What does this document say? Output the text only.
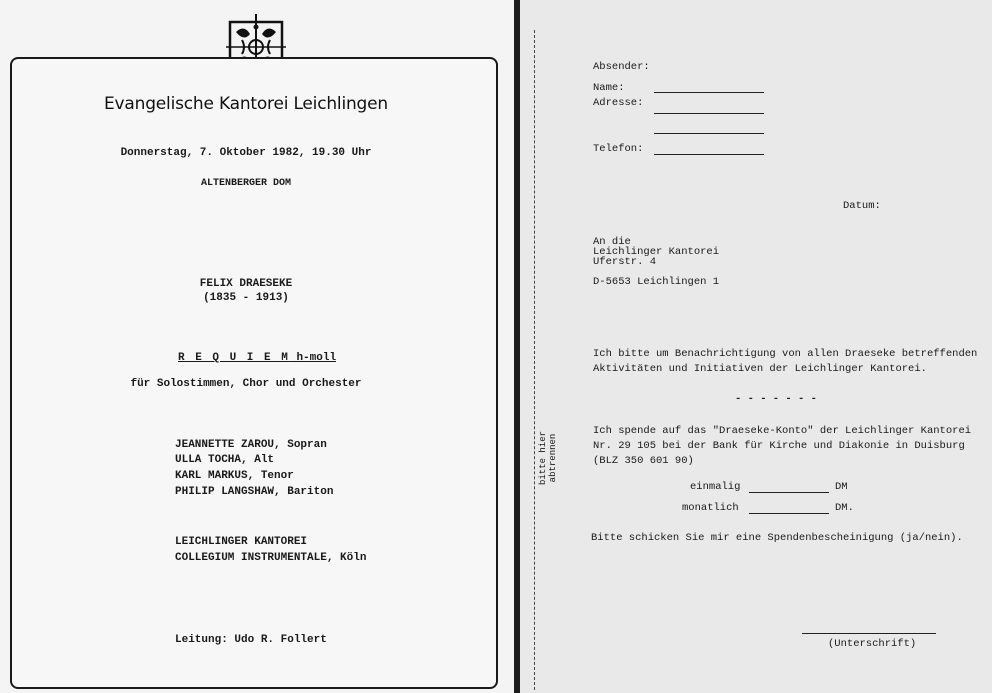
Evangelische Kantorei Leichlingen
Donnerstag, 7. Oktober 1982, 19.30 Uhr
ALTENBERGER DOM
FELIX DRAESEKE
(1835 - 1913)
R E Q U I E M h-moll
für Solostimmen, Chor und Orchester
JEANNETTE ZAROU, Sopran
ULLA TOCHA, Alt
KARL MARKUS, Tenor
PHILIP LANGSHAW, Bariton
LEICHLINGER KANTOREI
COLLEGIUM INSTRUMENTALE, Köln
Leitung: Udo R. Follert
bitte hier abtrennen
Absender:
Name:
Adresse:
Telefon:
Datum:
An die
Leichlinger Kantorei
Uferstr. 4
D-5653 Leichlingen 1
Ich bitte um Benachrichtigung von allen Draeseke betreffenden
Aktivitäten und Initiativen der Leichlinger Kantorei.
- - - - - - -
Ich spende auf das "Draeseke-Konto" der Leichlinger Kantorei
Nr. 29 105 bei der Bank für Kirche und Diakonie in Duisburg
(BLZ 350 601 90)
einmalig	DM
monatlich	DM.
Bitte schicken Sie mir eine Spendenbescheinigung (ja/nein).
(Unterschrift)
